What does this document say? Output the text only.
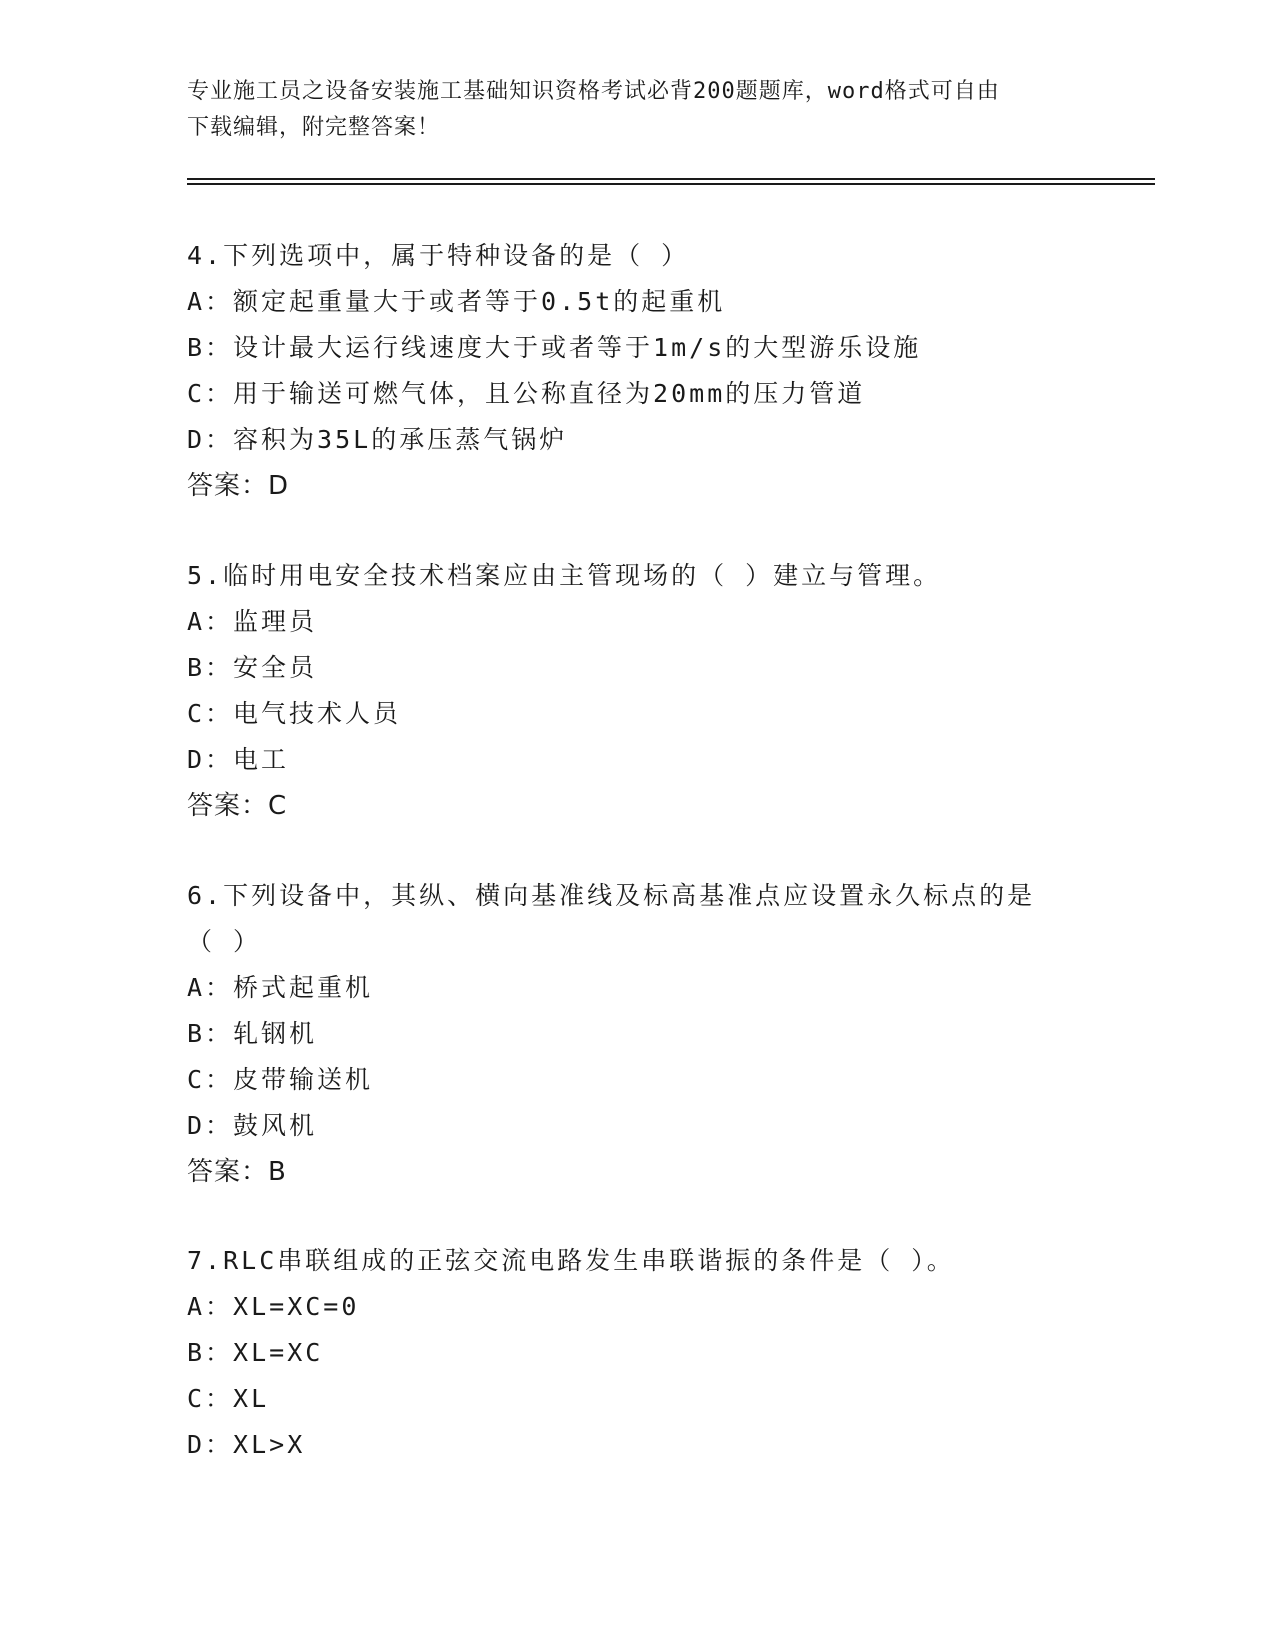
专业施工员之设备安装施工基础知识资格考试必背200题题库，word格式可自由
下载编辑，附完整答案！
4.下列选项中，属于特种设备的是（ ）
A：额定起重量大于或者等于0.5t的起重机
B：设计最大运行线速度大于或者等于1m/s的大型游乐设施
C：用于输送可燃气体，且公称直径为20mm的压力管道
D：容积为35L的承压蒸气锅炉
答案：D
5.临时用电安全技术档案应由主管现场的（ ）建立与管理。
A：监理员
B：安全员
C：电气技术人员
D：电工
答案：C
6.下列设备中，其纵、横向基准线及标高基准点应设置永久标点的是
（ ）
A：桥式起重机
B：轧钢机
C：皮带输送机
D：鼓风机
答案：B
7.RLC串联组成的正弦交流电路发生串联谐振的条件是（ ）。
A：XL=XC=0
B：XL=XC
C：XL
D：XL>X
